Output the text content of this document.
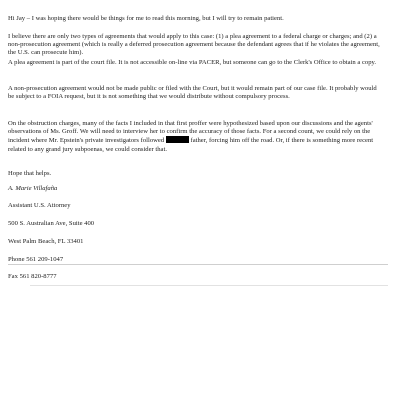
Hi Jay – I was hoping there would be things for me to read this morning, but I will try to remain patient.
I believe there are only two types of agreements that would apply to this case: (1) a plea agreement to a federal charge or charges; and (2) a non-prosecution agreement (which is really a deferred prosecution agreement because the defendant agrees that if he violates the agreement, the U.S. can prosecute him).
A plea agreement is part of the court file. It is not accessible on-line via PACER, but someone can go to the Clerk's Office to obtain a copy.
A non-prosecution agreement would not be made public or filed with the Court, but it would remain part of our case file. It probably would be subject to a FOIA request, but it is not something that we would distribute without compulsory process.
On the obstruction charges, many of the facts I included in that first proffer were hypothesized based upon our discussions and the agents' observations of Ms. Groff. We will need to interview her to confirm the accuracy of those facts. For a second count, we could rely on the incident where Mr. Epstein's private investigators followed	father, forcing him off the road. Or, if there is something more recent related to any grand jury subpoenas, we could consider that.
Hope that helps.
A. Marie Villafaña
Assistant U.S. Attorney
500 S. Australian Ave, Suite 400
West Palm Beach, FL 33401
Phone 561 209-1047
Fax 561 820-8777
